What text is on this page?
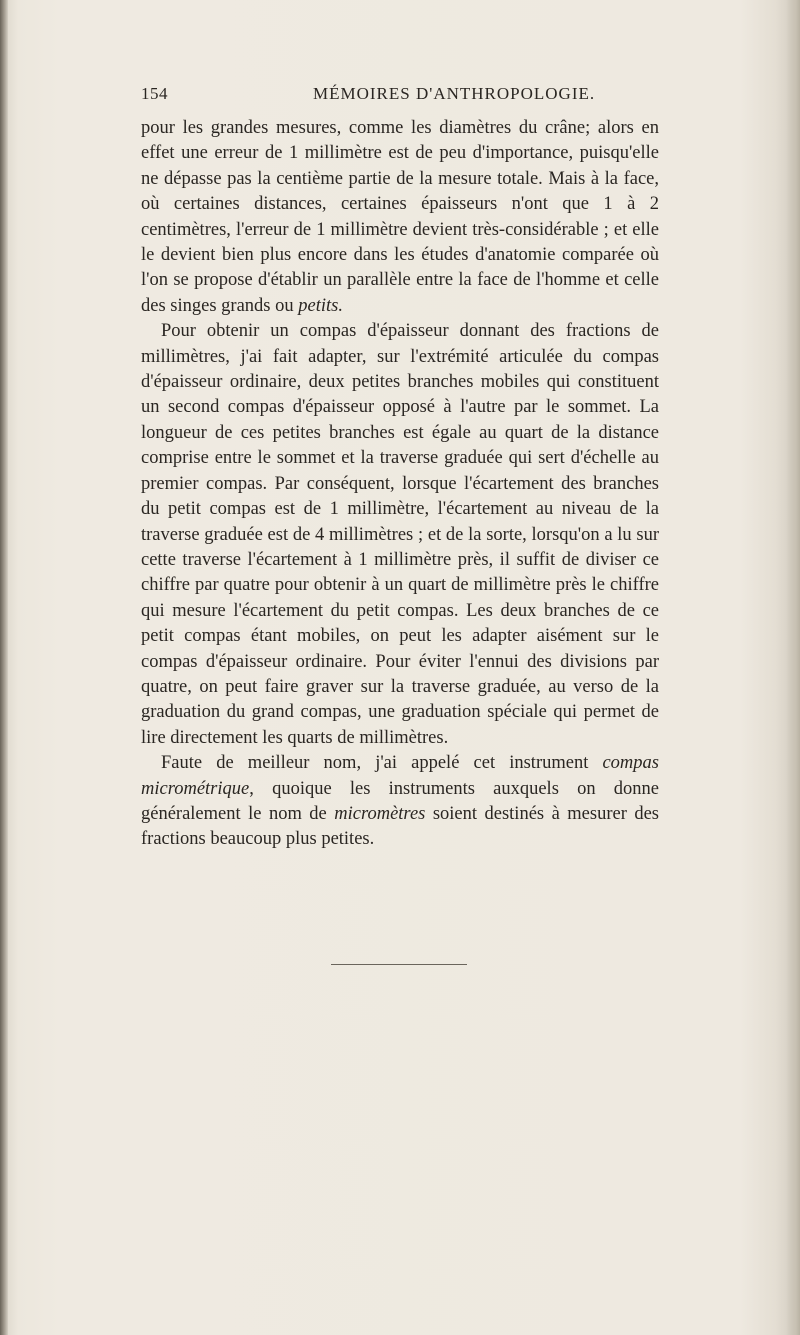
154	MÉMOIRES D'ANTHROPOLOGIE.

pour les grandes mesures, comme les diamètres du crâne; alors en effet une erreur de 1 millimètre est de peu d'importance, puisqu'elle ne dépasse pas la centième partie de la mesure totale. Mais à la face, où certaines distances, certaines épaisseurs n'ont que 1 à 2 centimètres, l'erreur de 1 millimètre devient très-considérable ; et elle le devient bien plus encore dans les études d'anatomie comparée où l'on se propose d'établir un parallèle entre la face de l'homme et celle des singes grands ou petits.

Pour obtenir un compas d'épaisseur donnant des fractions de millimètres, j'ai fait adapter, sur l'extrémité articulée du compas d'épaisseur ordinaire, deux petites branches mobiles qui constituent un second compas d'épaisseur opposé à l'autre par le sommet. La longueur de ces petites branches est égale au quart de la distance comprise entre le sommet et la traverse graduée qui sert d'échelle au premier compas. Par conséquent, lorsque l'écartement des branches du petit compas est de 1 millimètre, l'écartement au niveau de la traverse graduée est de 4 millimètres ; et de la sorte, lorsqu'on a lu sur cette traverse l'écartement à 1 millimètre près, il suffit de diviser ce chiffre par quatre pour obtenir à un quart de millimètre près le chiffre qui mesure l'écartement du petit compas. Les deux branches de ce petit compas étant mobiles, on peut les adapter aisément sur le compas d'épaisseur ordinaire. Pour éviter l'ennui des divisions par quatre, on peut faire graver sur la traverse graduée, au verso de la graduation du grand compas, une graduation spéciale qui permet de lire directement les quarts de millimètres.

Faute de meilleur nom, j'ai appelé cet instrument compas micrométrique, quoique les instruments auxquels on donne généralement le nom de micromètres soient destinés à mesurer des fractions beaucoup plus petites.
